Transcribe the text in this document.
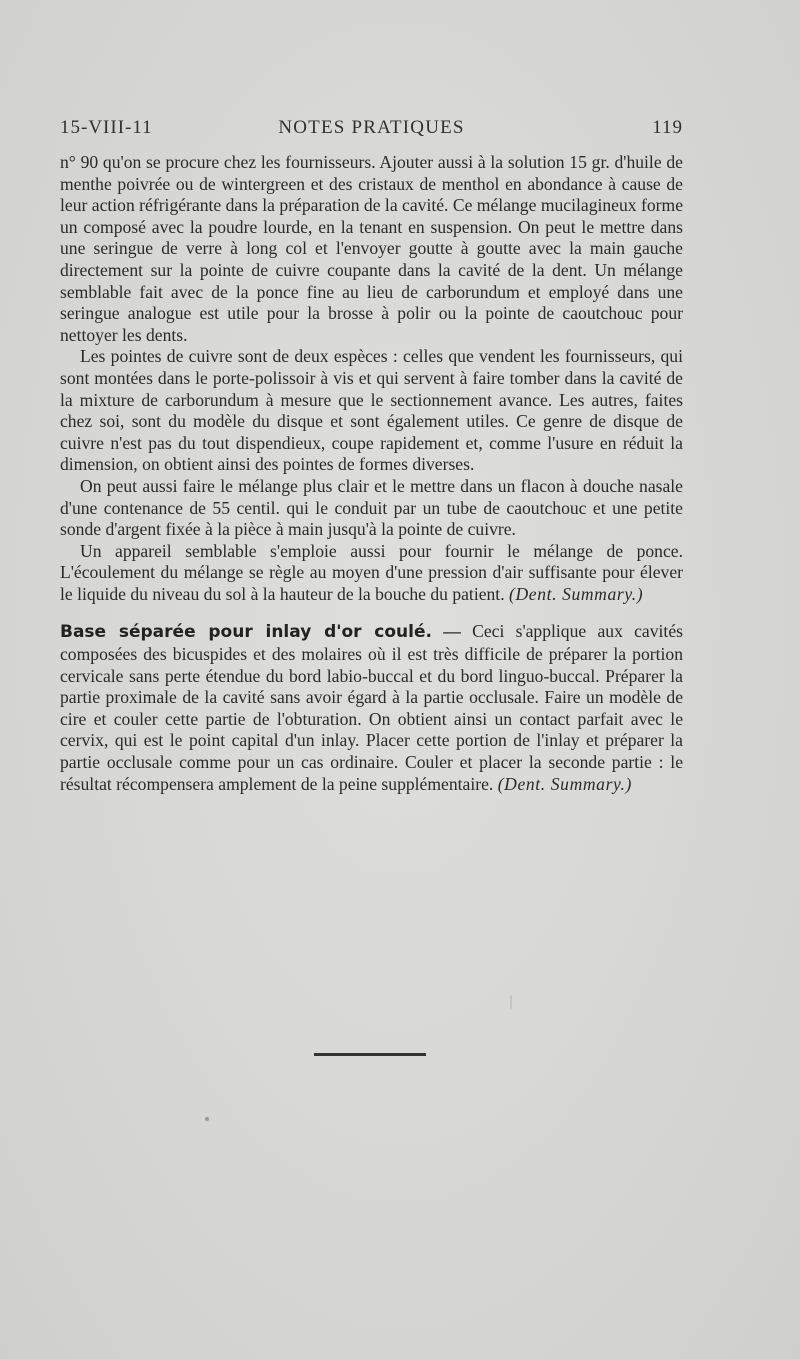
15-VIII-11	NOTES PRATIQUES	119

n° 90 qu'on se procure chez les fournisseurs. Ajouter aussi à la solution 15 gr. d'huile de menthe poivrée ou de wintergreen et des cristaux de menthol en abondance à cause de leur action réfrigérante dans la préparation de la cavité. Ce mélange mucilagineux forme un composé avec la poudre lourde, en la tenant en suspension. On peut le mettre dans une seringue de verre à long col et l'envoyer goutte à goutte avec la main gauche directement sur la pointe de cuivre coupante dans la cavité de la dent. Un mélange semblable fait avec de la ponce fine au lieu de carborundum et employé dans une seringue analogue est utile pour la brosse à polir ou la pointe de caoutchouc pour nettoyer les dents.

Les pointes de cuivre sont de deux espèces : celles que vendent les fournisseurs, qui sont montées dans le porte-polissoir à vis et qui servent à faire tomber dans la cavité de la mixture de carborundum à mesure que le sectionnement avance. Les autres, faites chez soi, sont du modèle du disque et sont également utiles. Ce genre de disque de cuivre n'est pas du tout dispendieux, coupe rapidement et, comme l'usure en réduit la dimension, on obtient ainsi des pointes de formes diverses.

On peut aussi faire le mélange plus clair et le mettre dans un flacon à douche nasale d'une contenance de 55 centil. qui le conduit par un tube de caoutchouc et une petite sonde d'argent fixée à la pièce à main jusqu'à la pointe de cuivre.

Un appareil semblable s'emploie aussi pour fournir le mélange de ponce. L'écoulement du mélange se règle au moyen d'une pression d'air suffisante pour élever le liquide du niveau du sol à la hauteur de la bouche du patient. (Dent. Summary.)

Base séparée pour inlay d'or coulé. — Ceci s'applique aux cavités composées des bicuspides et des molaires où il est très difficile de préparer la portion cervicale sans perte étendue du bord labio-buccal et du bord linguo-buccal. Préparer la partie proximale de la cavité sans avoir égard à la partie occlusale. Faire un modèle de cire et couler cette partie de l'obturation. On obtient ainsi un contact parfait avec le cervix, qui est le point capital d'un inlay. Placer cette portion de l'inlay et préparer la partie occlusale comme pour un cas ordinaire. Couler et placer la seconde partie : le résultat récompensera amplement de la peine supplémentaire. (Dent. Summary.)
